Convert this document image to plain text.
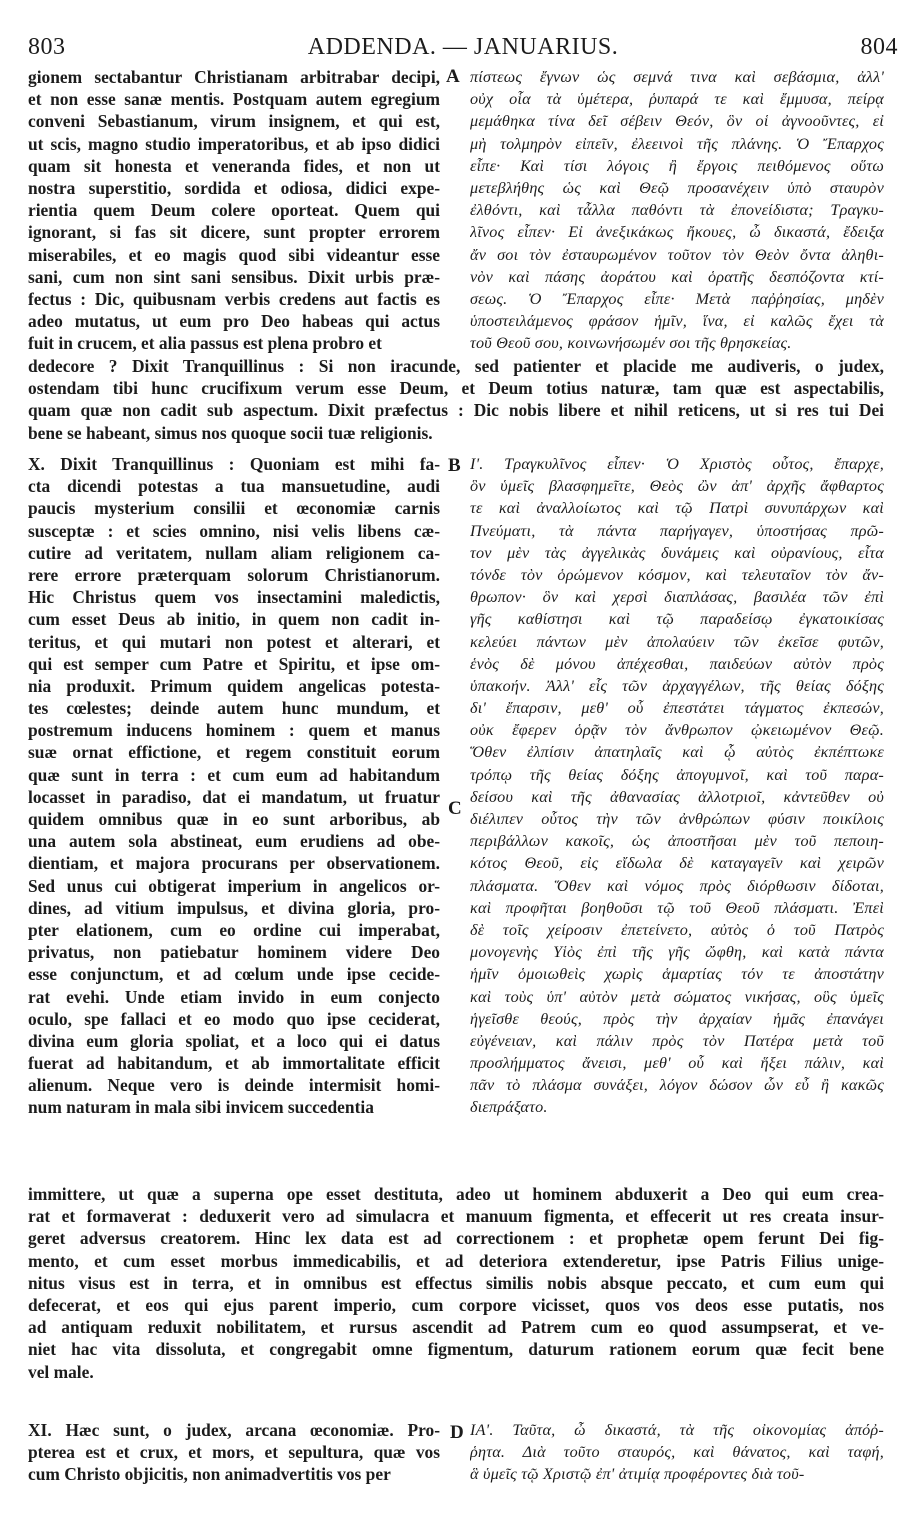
803	ADDENDA. — JANUARIUS.	804
gionem sectabantur Christianam arbitrabar decipi,
et non esse sanæ mentis. Postquam autem egregium
conveni Sebastianum, virum insignem, et qui est,
ut scis, magno studio imperatoribus, et ab ipso didici
quam sit honesta et veneranda fides, et non ut
nostra superstitio, sordida et odiosa, didici expe-
rientia quem Deum colere oporteat. Quem qui
ignorant, si fas sit dicere, sunt propter errorem
miserabiles, et eo magis quod sibi videantur esse
sani, cum non sint sani sensibus. Dixit urbis præ-
fectus : Dic, quibusnam verbis credens aut factis es
adeo mutatus, ut eum pro Deo habeas qui actus
fuit in crucem, et alia passus est plena probro et
A πίστεως ἔγνων ὡς σεμνά τινα καὶ σεβάσμια, ἀλλ'
οὐχ οἷα τὰ ὑμέτερα, ῥυπαρά τε καὶ ἔμμυσα, πείρᾳ
μεμάθηκα τίνα δεῖ σέβειν Θεόν, ὃν οἱ ἀγνοοῦντες, εἰ
μὴ τολμηρὸν εἰπεῖν, ἐλεεινοὶ τῆς πλάνης. Ὁ Ἔπαρχος
εἶπε· Καὶ τίσι λόγοις ἢ ἔργοις πειθόμενος οὕτω
μετεβλήθης ὡς καὶ Θεῷ προσανέχειν ὑπὸ σταυρὸν
ἐλθόντι, καὶ τἆλλα παθόντι τὰ ἐπονείδιστα; Τραγκυ-
λῖνος εἶπεν· Εἰ ἀνεξικάκως ἤκουες, ὦ δικαστά, ἔδειξα
ἄν σοι τὸν ἐσταυρωμένον τοῦτον τὸν Θεὸν ὄντα ἀληθι-
νὸν καὶ πάσης ἀοράτου καὶ ὁρατῆς δεσπόζοντα κτί-
σεως. Ὁ Ἔπαρχος εἶπε· Μετὰ παῤῥησίας, μηδὲν
ὑποστειλάμενος φράσον ἡμῖν, ἵνα, εἰ καλῶς ἔχει τὰ
τοῦ Θεοῦ σου, κοινωνήσωμέν σοι τῆς θρησκείας.
dedecore ? Dixit Tranquillinus : Si non iracunde, sed patienter et placide me audiveris, o judex,
ostendam tibi hunc crucifixum verum esse Deum, et Deum totius naturæ, tam quæ est aspectabilis,
quam quæ non cadit sub aspectum. Dixit præfectus : Dic nobis libere et nihil reticens, ut si res tui Dei
bene se habeant, simus nos quoque socii tuæ religionis.
X. Dixit Tranquillinus : Quoniam est mihi fa-
cta dicendi potestas a tua mansuetudine, audi
paucis mysterium consilii et œconomiæ carnis
susceptæ : et scies omnino, nisi velis libens cæ-
cutire ad veritatem, nullam aliam religionem ca-
rere errore præterquam solorum Christianorum.
Hic Christus quem vos insectamini maledictis,
cum esset Deus ab initio, in quem non cadit in-
teritus, et qui mutari non potest et alterari, et
qui est semper cum Patre et Spiritu, et ipse om-
nia produxit. Primum quidem angelicas potesta-
tes cœlestes; deinde autem hunc mundum, et
postremum inducens hominem : quem et manus
suæ ornat effictione, et regem constituit eorum
quæ sunt in terra : et cum eum ad habitandum
locasset in paradiso, dat ei mandatum, ut fruatur
quidem omnibus quæ in eo sunt arboribus, ab
una autem sola abstineat, eum erudiens ad obe-
dientiam, et majora procurans per observationem.
Sed unus cui obtigerat imperium in angelicos or-
dines, ad vitium impulsus, et divina gloria, pro-
pter elationem, cum eo ordine cui imperabat,
privatus, non patiebatur hominem videre Deo
esse conjunctum, et ad cœlum unde ipse cecide-
rat evehi. Unde etiam invido in eum conjecto
oculo, spe fallaci et eo modo quo ipse ceciderat,
divina eum gloria spoliat, et a loco qui ei datus
fuerat ad habitandum, et ab immortalitate efficit
alienum. Neque vero is deinde intermisit homi-
num naturam in mala sibi invicem succedentia
B
C
Ι'. Τραγκυλῖνος εἶπεν· Ὁ Χριστὸς οὗτος, ἔπαρχε,
ὃν ὑμεῖς βλασφημεῖτε, Θεὸς ὢν ἀπ' ἀρχῆς ἄφθαρτος
τε καὶ ἀναλλοίωτος καὶ τῷ Πατρὶ συνυπάρχων καὶ
Πνεύματι, τὰ πάντα παρήγαγεν, ὑποστήσας πρῶ-
τον μὲν τὰς ἀγγελικὰς δυνάμεις καὶ οὐρανίους, εἶτα
τόνδε τὸν ὁρώμενον κόσμον, καὶ τελευταῖον τὸν ἄν-
θρωπον· ὃν καὶ χερσὶ διαπλάσας, βασιλέα τῶν ἐπὶ
γῆς καθίστησι καὶ τῷ παραδείσῳ ἐγκατοικίσας
κελεύει πάντων μὲν ἀπολαύειν τῶν ἐκεῖσε φυτῶν,
ἑνὸς δὲ μόνου ἀπέχεσθαι, παιδεύων αὐτὸν πρὸς
ὑπακοήν. Ἀλλ' εἷς τῶν ἀρχαγγέλων, τῆς θείας δόξης
δι' ἔπαρσιν, μεθ' οὗ ἐπεστάτει τάγματος ἐκπεσών,
οὐκ ἔφερεν ὁρᾷν τὸν ἄνθρωπον ᾠκειωμένον Θεῷ.
Ὅθεν ἐλπίσιν ἀπατηλαῖς καὶ ᾧ αὐτὸς ἐκπέπτωκε
τρόπῳ τῆς θείας δόξης ἀπογυμνοῖ, καὶ τοῦ παρα-
δείσου καὶ τῆς ἀθανασίας ἀλλοτριοῖ, κἀντεῦθεν οὐ
διέλιπεν οὗτος τὴν τῶν ἀνθρώπων φύσιν ποικίλοις
περιβάλλων κακοῖς, ὡς ἀποστῆσαι μὲν τοῦ πεποιη-
κότος Θεοῦ, εἰς εἴδωλα δὲ καταγαγεῖν καὶ χειρῶν
πλάσματα. Ὅθεν καὶ νόμος πρὸς διόρθωσιν δίδοται,
καὶ προφῆται βοηθοῦσι τῷ τοῦ Θεοῦ πλάσματι. Ἐπεὶ
δὲ τοῖς χείροσιν ἐπετείνετο, αὐτὸς ὁ τοῦ Πατρὸς
μονογενὴς Υἱὸς ἐπὶ τῆς γῆς ὤφθη, καὶ κατὰ πάντα
ἡμῖν ὁμοιωθεὶς χωρὶς ἁμαρτίας τόν τε ἀποστάτην
καὶ τοὺς ὑπ' αὐτὸν μετὰ σώματος νικήσας, οὓς ὑμεῖς
ἡγεῖσθε θεούς, πρὸς τὴν ἀρχαίαν ἡμᾶς ἐπανάγει
εὐγένειαν, καὶ πάλιν πρὸς τὸν Πατέρα μετὰ τοῦ
προσλήμματος ἄνεισι, μεθ' οὗ καὶ ἥξει πάλιν, καὶ
πᾶν τὸ πλάσμα συνάξει, λόγον δώσον ὧν εὖ ἢ κακῶς
διεπράξατο.
immittere, ut quæ a superna ope esset destituta, adeo ut hominem abduxerit a Deo qui eum crea-
rat et formaverat : deduxerit vero ad simulacra et manuum figmenta, et effecerit ut res creata insur-
geret adversus creatorem. Hinc lex data est ad correctionem : et prophetæ opem ferunt Dei fig-
mento, et cum esset morbus immedicabilis, et ad deteriora extenderetur, ipse Patris Filius unige-
nitus visus est in terra, et in omnibus est effectus similis nobis absque peccato, et cum eum qui
defecerat, et eos qui ejus parent imperio, cum corpore vicisset, quos vos deos esse putatis, nos
ad antiquam reduxit nobilitatem, et rursus ascendit ad Patrem cum eo quod assumpserat, et ve-
niet hac vita dissoluta, et congregabit omne figmentum, daturum rationem eorum quæ fecit bene
vel male.
XI. Hæc sunt, o judex, arcana œconomiæ. Pro-
pterea est et crux, et mors, et sepultura, quæ vos
cum Christo objicitis, non animadvertitis vos per
D ΙΑ'. Ταῦτα, ὦ δικαστά, τὰ τῆς οἰκονομίας ἀπόῤ-
ῥητα. Διὰ τοῦτο σταυρός, καὶ θάνατος, καὶ ταφή,
ἃ ὑμεῖς τῷ Χριστῷ ἐπ' ἀτιμίᾳ προφέροντες διὰ τοῦ-
